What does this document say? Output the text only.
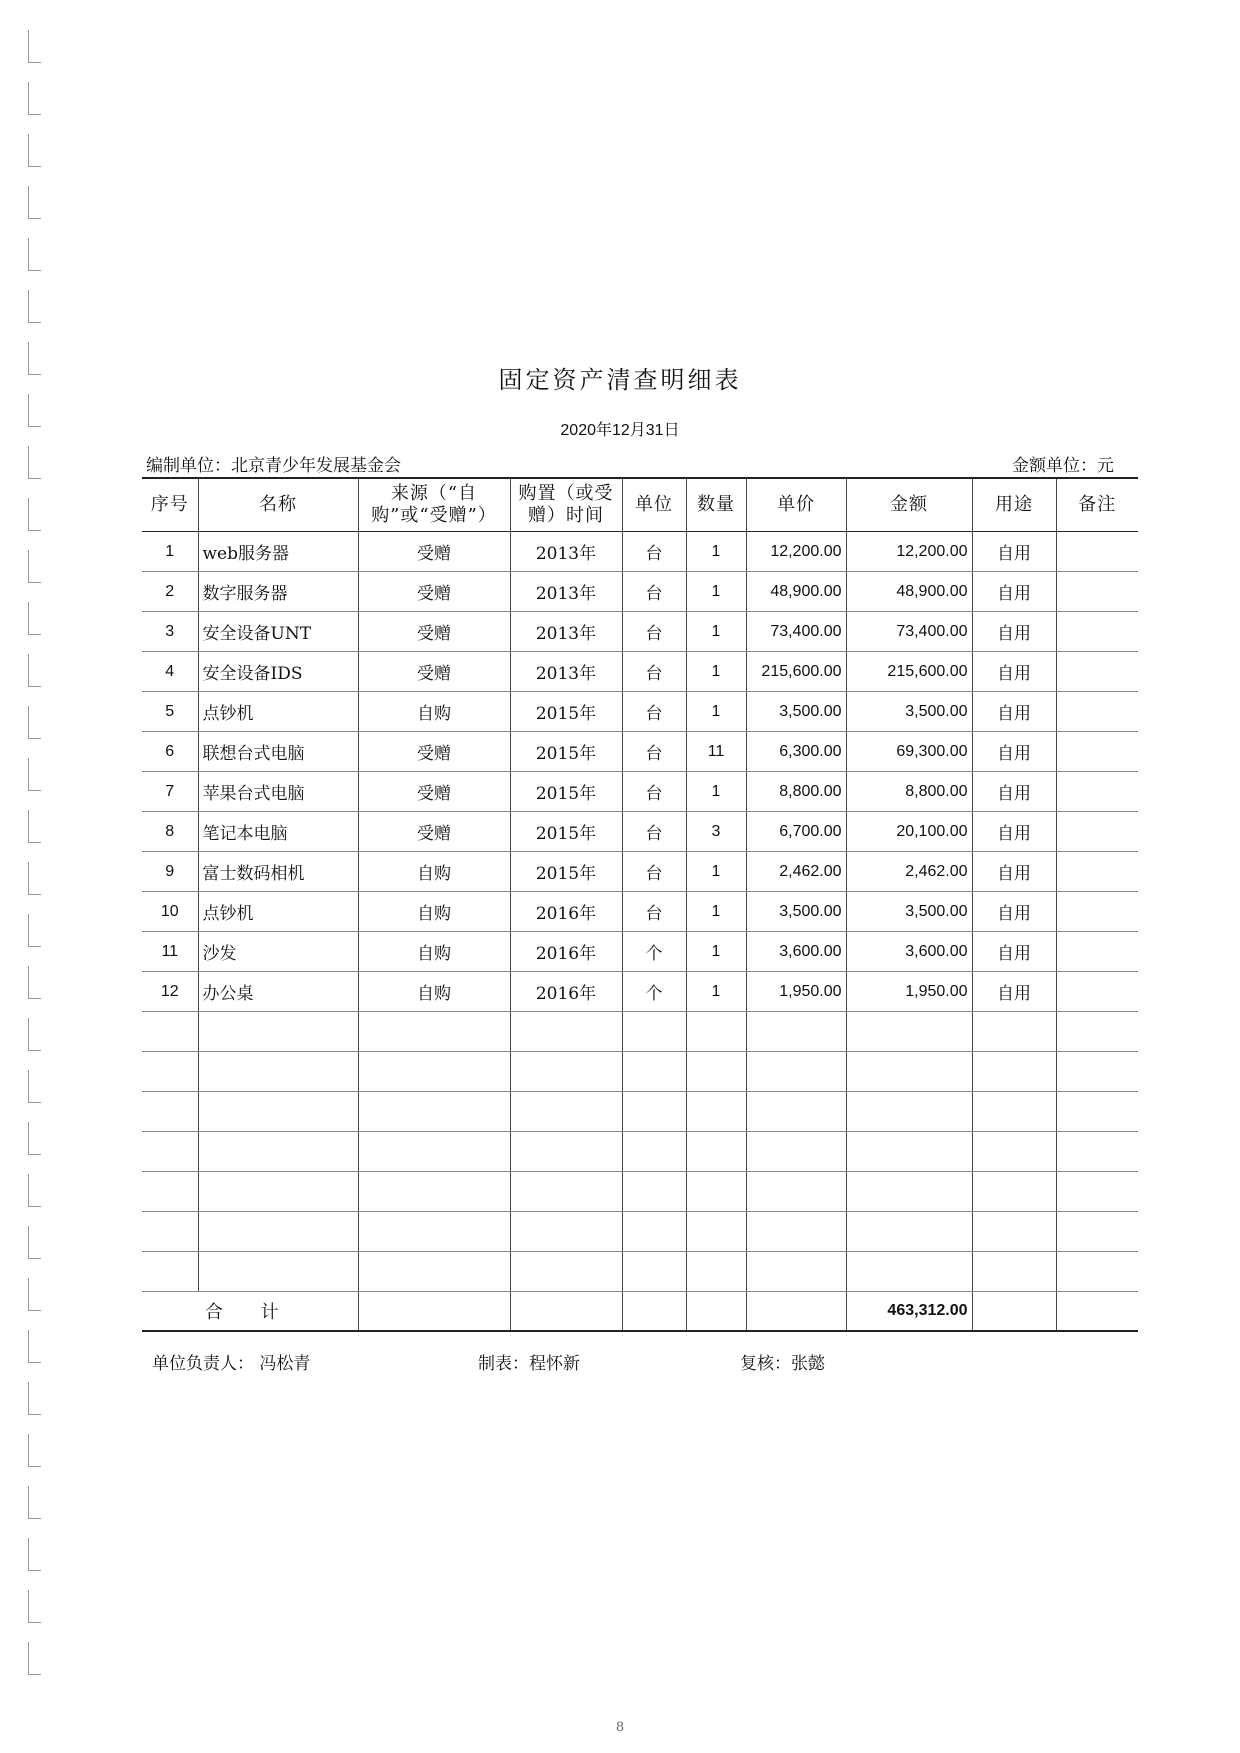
固定资产清查明细表
2020年12月31日
编制单位：北京青少年发展基金会	金额单位：元
序号	名称	来源（“自购”或“受赠”）	购置（或受赠）时间	单位	数量	单价	金额	用途	备注
1	web服务器	受赠	2013年	台	1	12,200.00	12,200.00	自用	
2	数字服务器	受赠	2013年	台	1	48,900.00	48,900.00	自用	
3	安全设备UNT	受赠	2013年	台	1	73,400.00	73,400.00	自用	
4	安全设备IDS	受赠	2013年	台	1	215,600.00	215,600.00	自用	
5	点钞机	自购	2015年	台	1	3,500.00	3,500.00	自用	
6	联想台式电脑	受赠	2015年	台	11	6,300.00	69,300.00	自用	
7	苹果台式电脑	受赠	2015年	台	1	8,800.00	8,800.00	自用	
8	笔记本电脑	受赠	2015年	台	3	6,700.00	20,100.00	自用	
9	富士数码相机	自购	2015年	台	1	2,462.00	2,462.00	自用	
10	点钞机	自购	2016年	台	1	3,500.00	3,500.00	自用	
11	沙发	自购	2016年	个	1	3,600.00	3,600.00	自用	
12	办公桌	自购	2016年	个	1	1,950.00	1,950.00	自用	

合 计							463,312.00		
单位负责人： 冯松青	制表：程怀新	复核：张懿
8
